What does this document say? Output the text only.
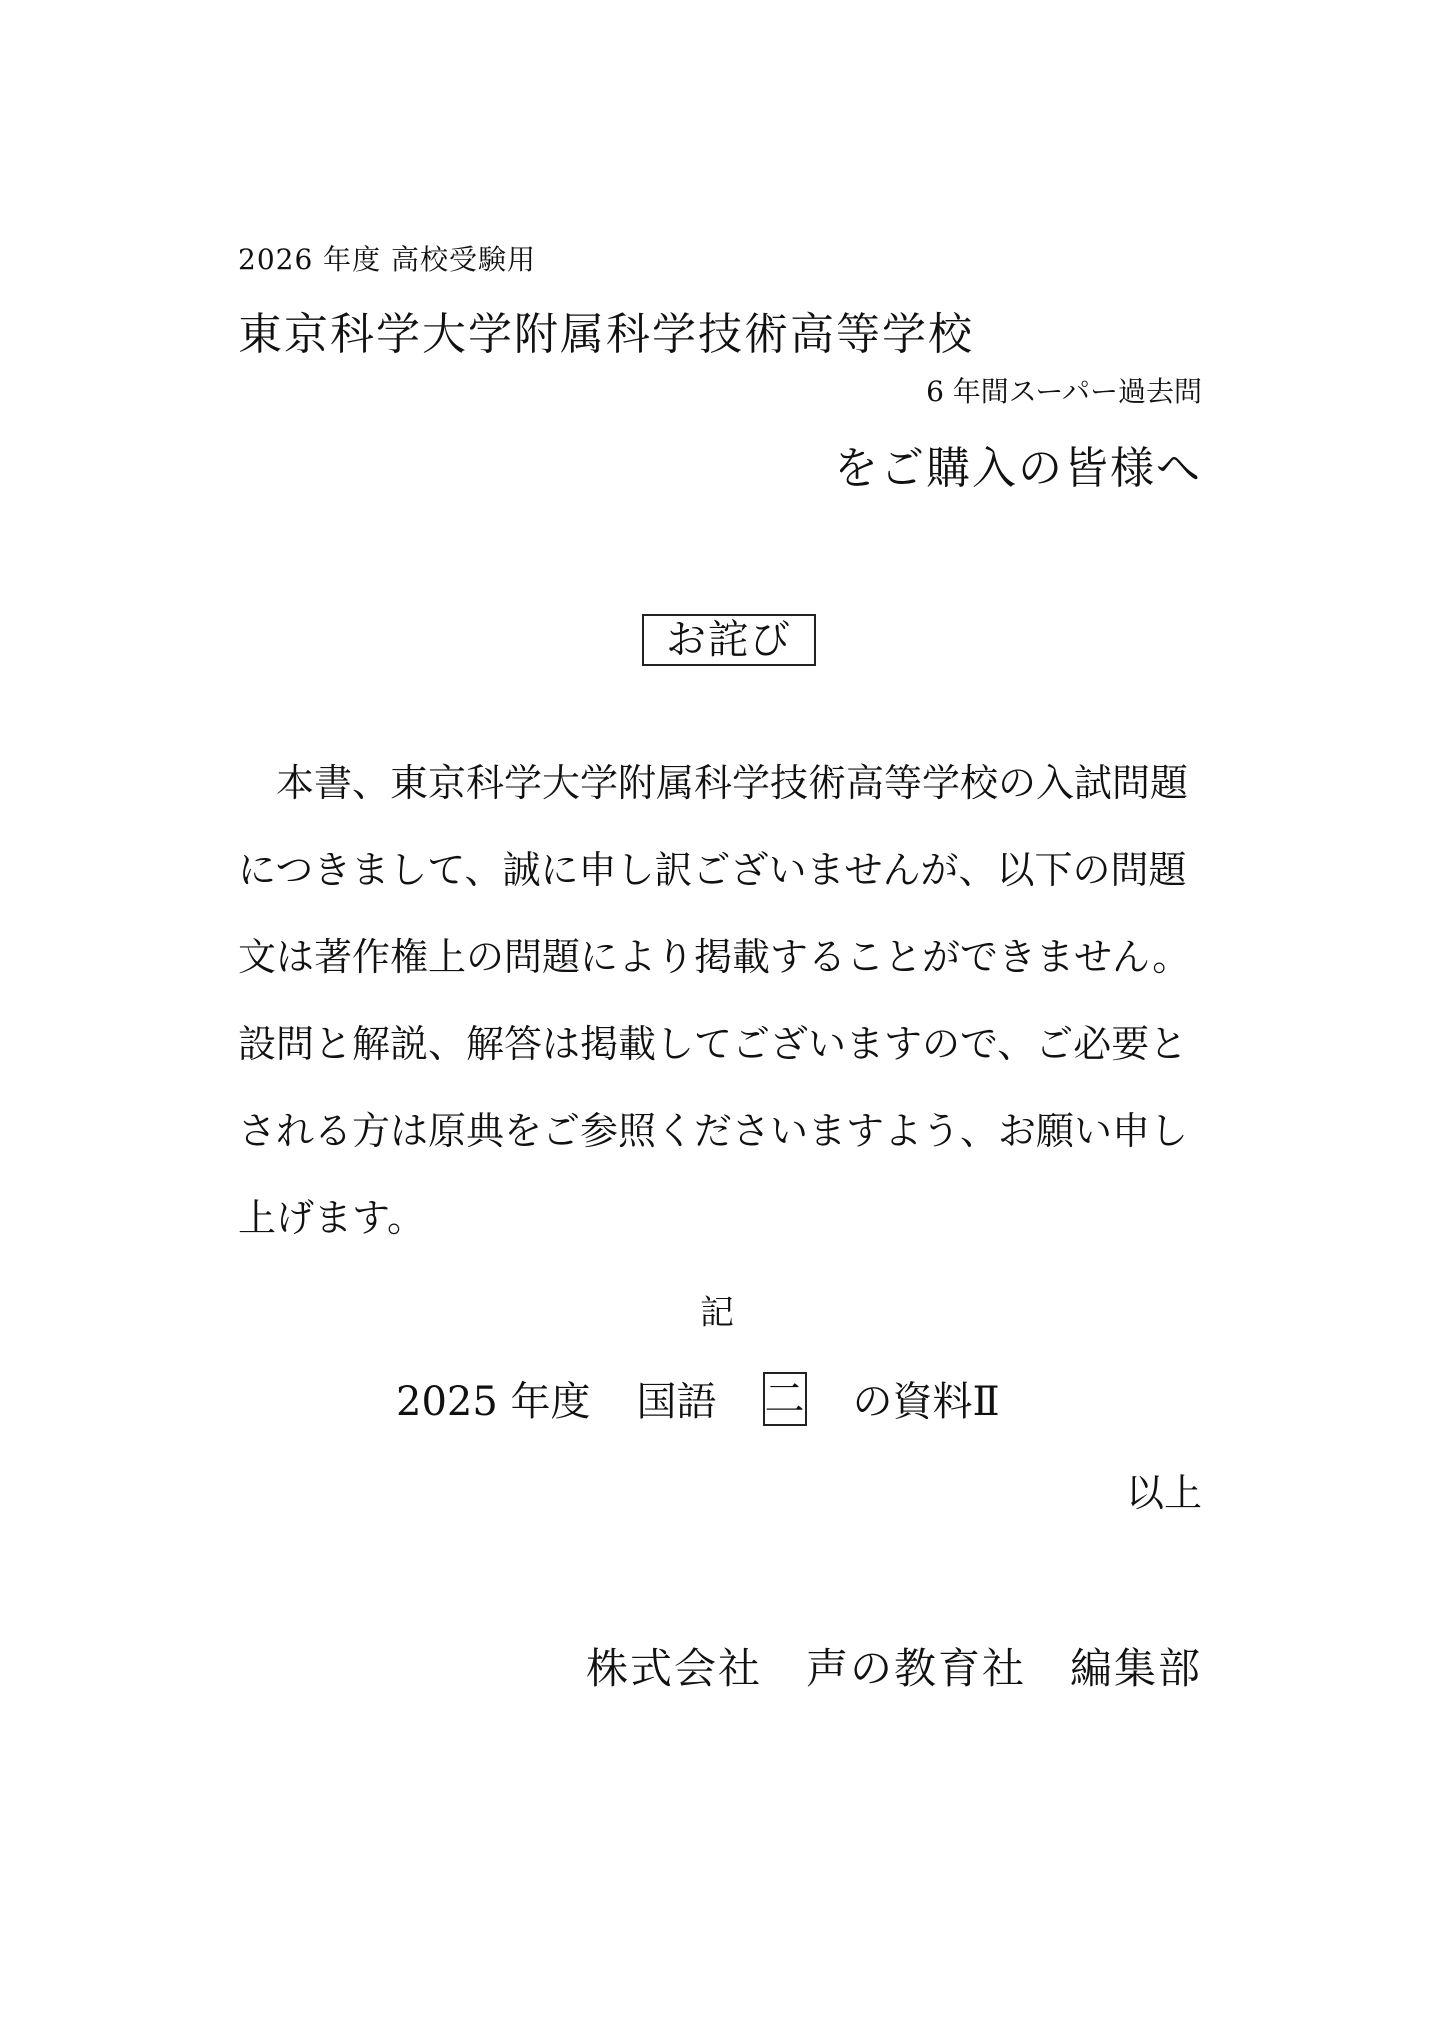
2026 年度 高校受験用
東京科学大学附属科学技術高等学校
6 年間スーパー過去問
をご購入の皆様へ
お詫び
本書、東京科学大学附属科学技術高等学校の入試問題
につきまして、誠に申し訳ございませんが、以下の問題
文は著作権上の問題により掲載することができません。
設問と解説、解答は掲載してございますので、ご必要と
される方は原典をご参照くださいますよう、お願い申し
上げます。
記
2025 年度 国語 二 の資料Ⅱ
以上
株式会社 声の教育社 編集部
